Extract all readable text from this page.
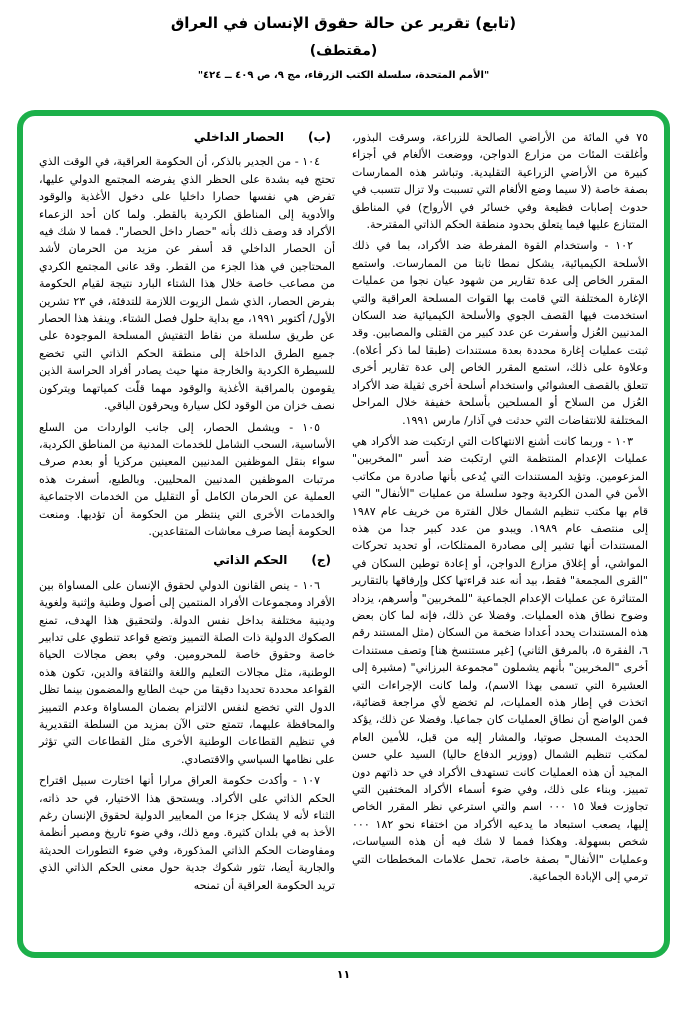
(تابع) تقرير عن حالة حقوق الإنسان في العراق
(مقتطف)
"الأمم المتحدة، سلسلة الكتب الزرقاء، مج ٩، ص ٤٠٩ ــ ٤٢٤"

٧٥ في المائة من الأراضي الصالحة للزراعة، وسرقت البذور، وأغلقت المئات من مزارع الدواجن، ووضعت الألغام في أجزاء كبيرة من الأراضي الزراعية التقليدية. وتباشر هذه الممارسات بصفة خاصة (لا سيما وضع الألغام التي تسببت ولا تزال تتسبب في حدوث إصابات فظيعة وفي خسائر في الأرواح) في المناطق المتنازع عليها فيما يتعلق بحدود منطقة الحكم الذاتي المقترحة.

١٠٢ - واستخدام القوة المفرطة ضد الأكراد، بما في ذلك الأسلحة الكيميائية، يشكل نمطا ثابتا من الممارسات. واستمع المقرر الخاص إلى عدة تقارير من شهود عيان نجوا من عمليات الإغارة المختلفة التي قامت بها القوات المسلحة العراقية والتي استخدمت فيها القصف الجوي والأسلحة الكيميائية ضد السكان المدنيين العُزل وأسفرت عن عدد كبير من القتلى والمصابين. وقد ثبتت عمليات إغارة محددة بعدة مستندات (طبقا لما ذكر أعلاه). وعلاوة على ذلك، استمع المقرر الخاص إلى عدة تقارير أخرى تتعلق بالقصف العشوائي واستخدام أسلحة أخرى ثقيلة ضد الأكراد العُزل من السلاح أو المسلحين بأسلحة خفيفة خلال المراحل المختلفة للانتفاضات التي حدثت في آذار/ مارس ١٩٩١.

١٠٣ - وربما كانت أشنع الانتهاكات التي ارتكبت ضد الأكراد هي عمليات الإعدام المنتظمة التي ارتكبت ضد أسر "المخربين" المزعومين. وتؤيد المستندات التي يُدعى بأنها صادرة من مكاتب الأمن في المدن الكردية وجود سلسلة من عمليات "الأنفال" التي قام بها مكتب تنظيم الشمال خلال الفترة من خريف عام ١٩٨٧ إلى منتصف عام ١٩٨٩. ويبدو من عدد كبير جدا من هذه المستندات أنها تشير إلى مصادرة الممتلكات، أو تحديد تحركات المواشي، أو إغلاق مزارع الدواجن، أو إعادة توطين السكان في "القرى المجمعة" فقط، بيد أنه عند قراءتها ككل وإرفاقها بالتقارير المتناثرة عن عمليات الإعدام الجماعية "للمخربين" وأسرهم، يزداد وضوح نطاق هذه العمليات. وفضلا عن ذلك، فإنه لما كان بعض هذه المستندات يحدد أعدادا ضخمة من السكان (مثل المستند رقم ٦، الفقرة ٥، بالمرفق الثاني) [غير مستنسخ هنا] وتصف مستندات أخرى "المخربين" بأنهم يشملون "مجموعة البرزاني" (مشيرة إلى العشيرة التي تسمى بهذا الاسم)، ولما كانت الإجراءات التي اتخذت في إطار هذه العمليات، لم تخضع لأي مراجعة قضائية، فمن الواضح أن نطاق العمليات كان جماعيا. وفضلا عن ذلك، يؤكد الحديث المسجل صوتيا، والمشار إليه من قبل، للأمين العام لمكتب تنظيم الشمال (ووزير الدفاع حاليا) السيد علي حسن المجيد أن هذه العمليات كانت تستهدف الأكراد في حد ذاتهم دون تمييز. وبناء على ذلك، وفي ضوء أسماء الأكراد المختفين التي تجاوزت فعلا ١٥ ٠٠٠ اسم والتي استرعي نظر المقرر الخاص إليها، يصعب استبعاد ما يدعيه الأكراد من اختفاء نحو ١٨٢ ٠٠٠ شخص بسهولة. وهكذا فمما لا شك فيه أن هذه السياسات، وعمليات "الأنفال" بصفة خاصة، تحمل علامات المخططات التي ترمي إلى الإبادة الجماعية.

(ب)الحصار الداخلي

١٠٤ - من الجدير بالذكر، أن الحكومة العراقية، في الوقت الذي تحتج فيه بشدة على الحظر الذي يفرضه المجتمع الدولي عليها، تفرض هي نفسها حصارا داخليا على دخول الأغذية والوقود والأدوية إلى المناطق الكردية بالقطر. ولما كان أحد الزعماء الأكراد قد وصف ذلك بأنه "حصار داخل الحصار". فمما لا شك فيه أن الحصار الداخلي قد أسفر عن مزيد من الحرمان لأشد المحتاجين في هذا الجزء من القطر. وقد عانى المجتمع الكردي من مصاعب خاصة خلال هذا الشتاء البارد نتيجة لقيام الحكومة بفرض الحصار، الذي شمل الزيوت اللازمة للتدفئة، في ٢٣ تشرين الأول/ أكتوبر ١٩٩١، مع بداية حلول فصل الشتاء. وينفذ هذا الحصار عن طريق سلسلة من نقاط التفتيش المسلحة الموجودة على جميع الطرق الداخلة إلى منطقة الحكم الذاتي التي تخضع للسيطرة الكردية والخارجة منها حيث يصادر أفراد الحراسة الذين يقومون بالمراقبة الأغذية والوقود مهما قلّت كمياتهما ويتركون نصف خزان من الوقود لكل سيارة ويحرقون الباقي.

١٠٥ - ويشمل الحصار، إلى جانب الواردات من السلع الأساسية، السحب الشامل للخدمات المدنية من المناطق الكردية، سواء بنقل الموظفين المدنيين المعينين مركزيا أو بعدم صرف مرتبات الموظفين المدنيين المحليين. وبالطبع، أسفرت هذه العملية عن الحرمان الكامل أو التقليل من الخدمات الاجتماعية والخدمات الأخرى التي ينتظر من الحكومة أن تؤديها. ومنعت الحكومة أيضا صرف معاشات المتقاعدين.

(ج)الحكم الذاتي

١٠٦ - ينص القانون الدولي لحقوق الإنسان على المساواة بين الأفراد ومجموعات الأفراد المنتمين إلى أصول وطنية وإثنية ولغوية ودينية مختلفة بداخل نفس الدولة. ولتحقيق هذا الهدف، تمنع الصكوك الدولية ذات الصلة التمييز وتضع قواعد تنطوي على تدابير خاصة وحقوق خاصة للمحرومين. وفي بعض مجالات الحياة الوطنية، مثل مجالات التعليم واللغة والثقافة والدين، تكون هذه القواعد محددة تحديدا دقيقا من حيث الطابع والمضمون بينما تظل الدول التي تخضع لنفس الالتزام بضمان المساواة وعدم التمييز والمحافظة عليهما، تتمتع حتى الآن بمزيد من السلطة التقديرية في تنظيم القطاعات الوطنية الأخرى مثل القطاعات التي تؤثر على نظامها السياسي والاقتصادي.

١٠٧ - وأكدت حكومة العراق مرارا أنها اختارت سبيل اقتراح الحكم الذاتي على الأكراد. ويستحق هذا الاختيار، في حد ذاته، الثناء لأنه لا يشكل جزءا من المعايير الدولية لحقوق الإنسان رغم الأخذ به في بلدان كثيرة. ومع ذلك، وفي ضوء تاريخ ومصير أنظمة ومفاوضات الحكم الذاتي المذكورة، وفي ضوء التطورات الحديثة والجارية أيضا، تثور شكوك جدية حول معنى الحكم الذاتي الذي تريد الحكومة العراقية أن تمنحه

١١
